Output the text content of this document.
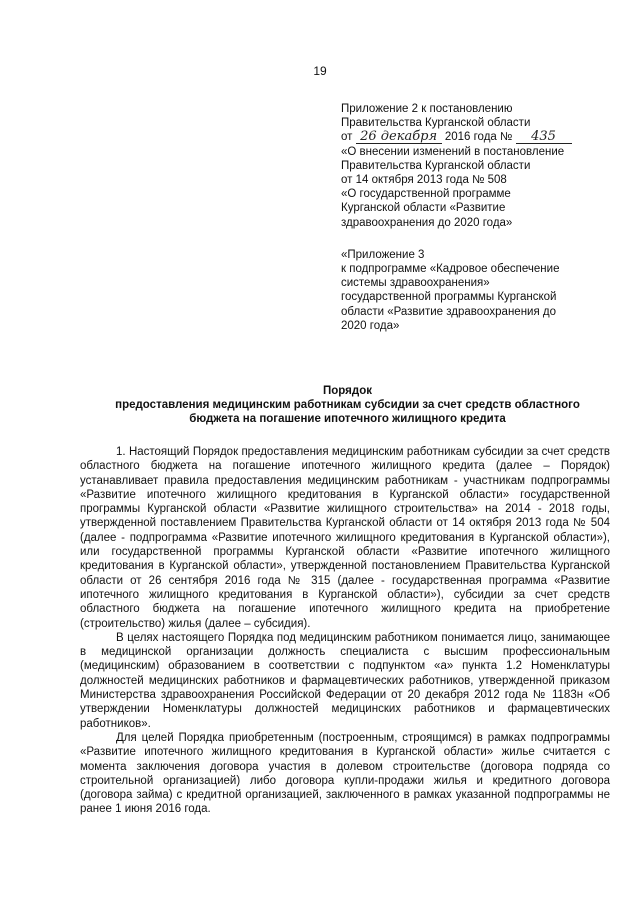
19
Приложение 2 к постановлению
Правительства Курганской области
от 26 декабря 2016 года № 435
«О внесении изменений в постановление
Правительства Курганской области
от 14 октября 2013 года № 508
«О государственной программе
Курганской области «Развитие
здравоохранения до 2020 года»
«Приложение 3
к подпрограмме «Кадровое обеспечение
системы здравоохранения»
государственной программы Курганской
области «Развитие здравоохранения до
2020 года»
Порядок
предоставления медицинским работникам субсидии за счет средств областного
бюджета на погашение ипотечного жилищного кредита

1. Настоящий Порядок предоставления медицинским работникам субсидии за счет средств областного бюджета на погашение ипотечного жилищного кредита (далее – Порядок) устанавливает правила предоставления медицинским работникам - участникам подпрограммы «Развитие ипотечного жилищного кредитования в Курганской области» государственной программы Курганской области «Развитие жилищного строительства» на 2014 - 2018 годы, утвержденной поставлением Правительства Курганской области от 14 октября 2013 года № 504 (далее - подпрограмма «Развитие ипотечного жилищного кредитования в Курганской области»), или государственной программы Курганской области «Развитие ипотечного жилищного кредитования в Курганской области», утвержденной постановлением Правительства Курганской области от 26 сентября 2016 года № 315 (далее - государственная программа «Развитие ипотечного жилищного кредитования в Курганской области»), субсидии за счет средств областного бюджета на погашение ипотечного жилищного кредита на приобретение (строительство) жилья (далее – субсидия).

В целях настоящего Порядка под медицинским работником понимается лицо, занимающее в медицинской организации должность специалиста с высшим профессиональным (медицинским) образованием в соответствии с подпунктом «а» пункта 1.2 Номенклатуры должностей медицинских работников и фармацевтических работников, утвержденной приказом Министерства здравоохранения Российской Федерации от 20 декабря 2012 года № 1183н «Об утверждении Номенклатуры должностей медицинских работников и фармацевтических работников».

Для целей Порядка приобретенным (построенным, строящимся) в рамках подпрограммы «Развитие ипотечного жилищного кредитования в Курганской области» жилье считается с момента заключения договора участия в долевом строительстве (договора подряда со строительной организацией) либо договора купли-продажи жилья и кредитного договора (договора займа) с кредитной организацией, заключенного в рамках указанной подпрограммы не ранее 1 июня 2016 года.
